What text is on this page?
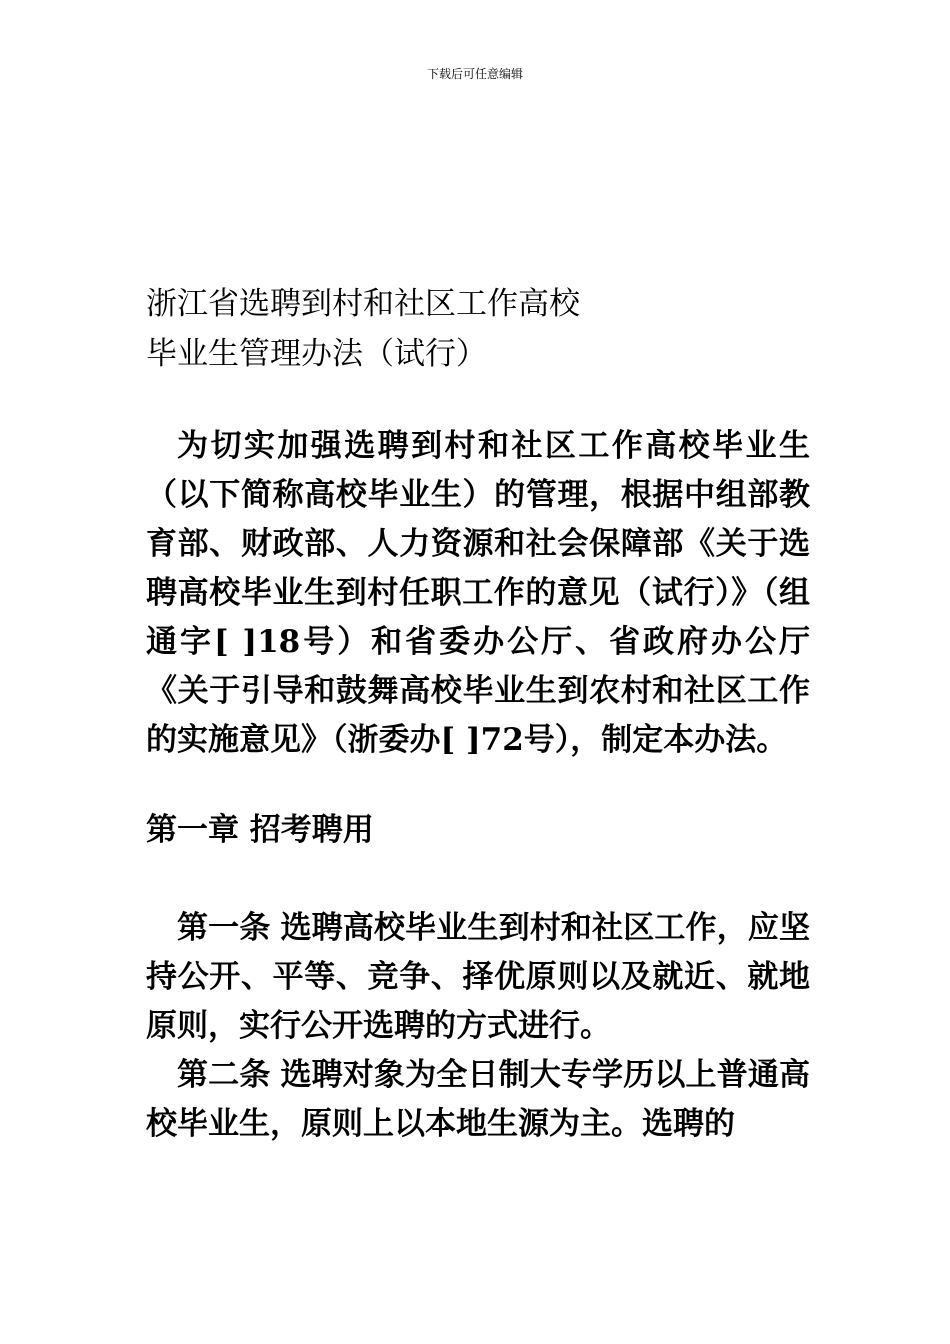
下载后可任意编辑
浙江省选聘到村和社区工作高校
毕业生管理办法（试行）

为切实加强选聘到村和社区工作高校毕业生（以下简称高校毕业生）的管理，根据中组部教育部、财政部、人力资源和社会保障部《关于选聘高校毕业生到村任职工作的意见（试行）》（组通字[ ]18号）和省委办公厅、省政府办公厅《关于引导和鼓舞高校毕业生到农村和社区工作的实施意见》（浙委办[ ]72号），制定本办法。

第一章 招考聘用

第一条 选聘高校毕业生到村和社区工作，应坚持公开、平等、竞争、择优原则以及就近、就地原则，实行公开选聘的方式进行。

第二条 选聘对象为全日制大专学历以上普通高校毕业生，原则上以本地生源为主。选聘的
